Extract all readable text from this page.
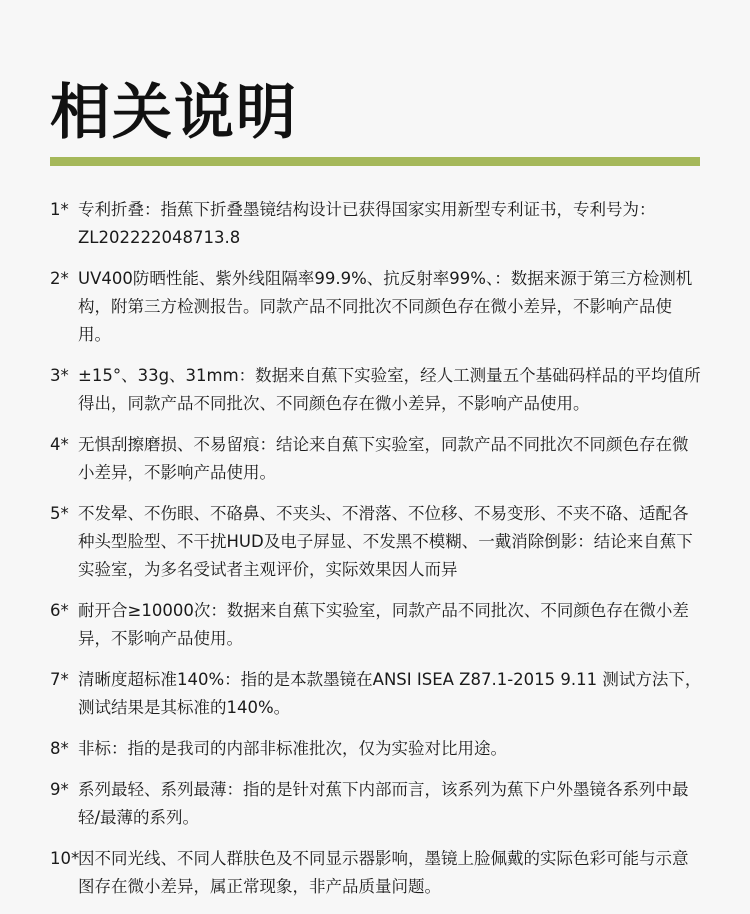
相关说明
1* 专利折叠：指蕉下折叠墨镜结构设计已获得国家实用新型专利证书，专利号为：ZL202222048713.8
2* UV400防晒性能、紫外线阻隔率99.9%、抗反射率99%、：数据来源于第三方检测机构，附第三方检测报告。同款产品不同批次不同颜色存在微小差异，不影响产品使用。
3* ±15°、33g、31mm：数据来自蕉下实验室，经人工测量五个基础码样品的平均值所得出，同款产品不同批次、不同颜色存在微小差异，不影响产品使用。
4* 无惧刮擦磨损、不易留痕：结论来自蕉下实验室，同款产品不同批次不同颜色存在微小差异，不影响产品使用。
5* 不发晕、不伤眼、不硌鼻、不夹头、不滑落、不位移、不易变形、不夹不硌、适配各种头型脸型、不干扰HUD及电子屏显、不发黑不模糊、一戴消除倒影：结论来自蕉下实验室，为多名受试者主观评价，实际效果因人而异
6* 耐开合≥10000次：数据来自蕉下实验室，同款产品不同批次、不同颜色存在微小差异，不影响产品使用。
7* 清晰度超标准140%：指的是本款墨镜在ANSI ISEA Z87.1-2015 9.11 测试方法下，测试结果是其标准的140%。
8* 非标：指的是我司的内部非标准批次，仅为实验对比用途。
9* 系列最轻、系列最薄：指的是针对蕉下内部而言，该系列为蕉下户外墨镜各系列中最轻/最薄的系列。
10*
因不同光线、不同人群肤色及不同显示器影响，墨镜上脸佩戴的实际色彩可能与示意图存在微小差异，属正常现象，非产品质量问题。
